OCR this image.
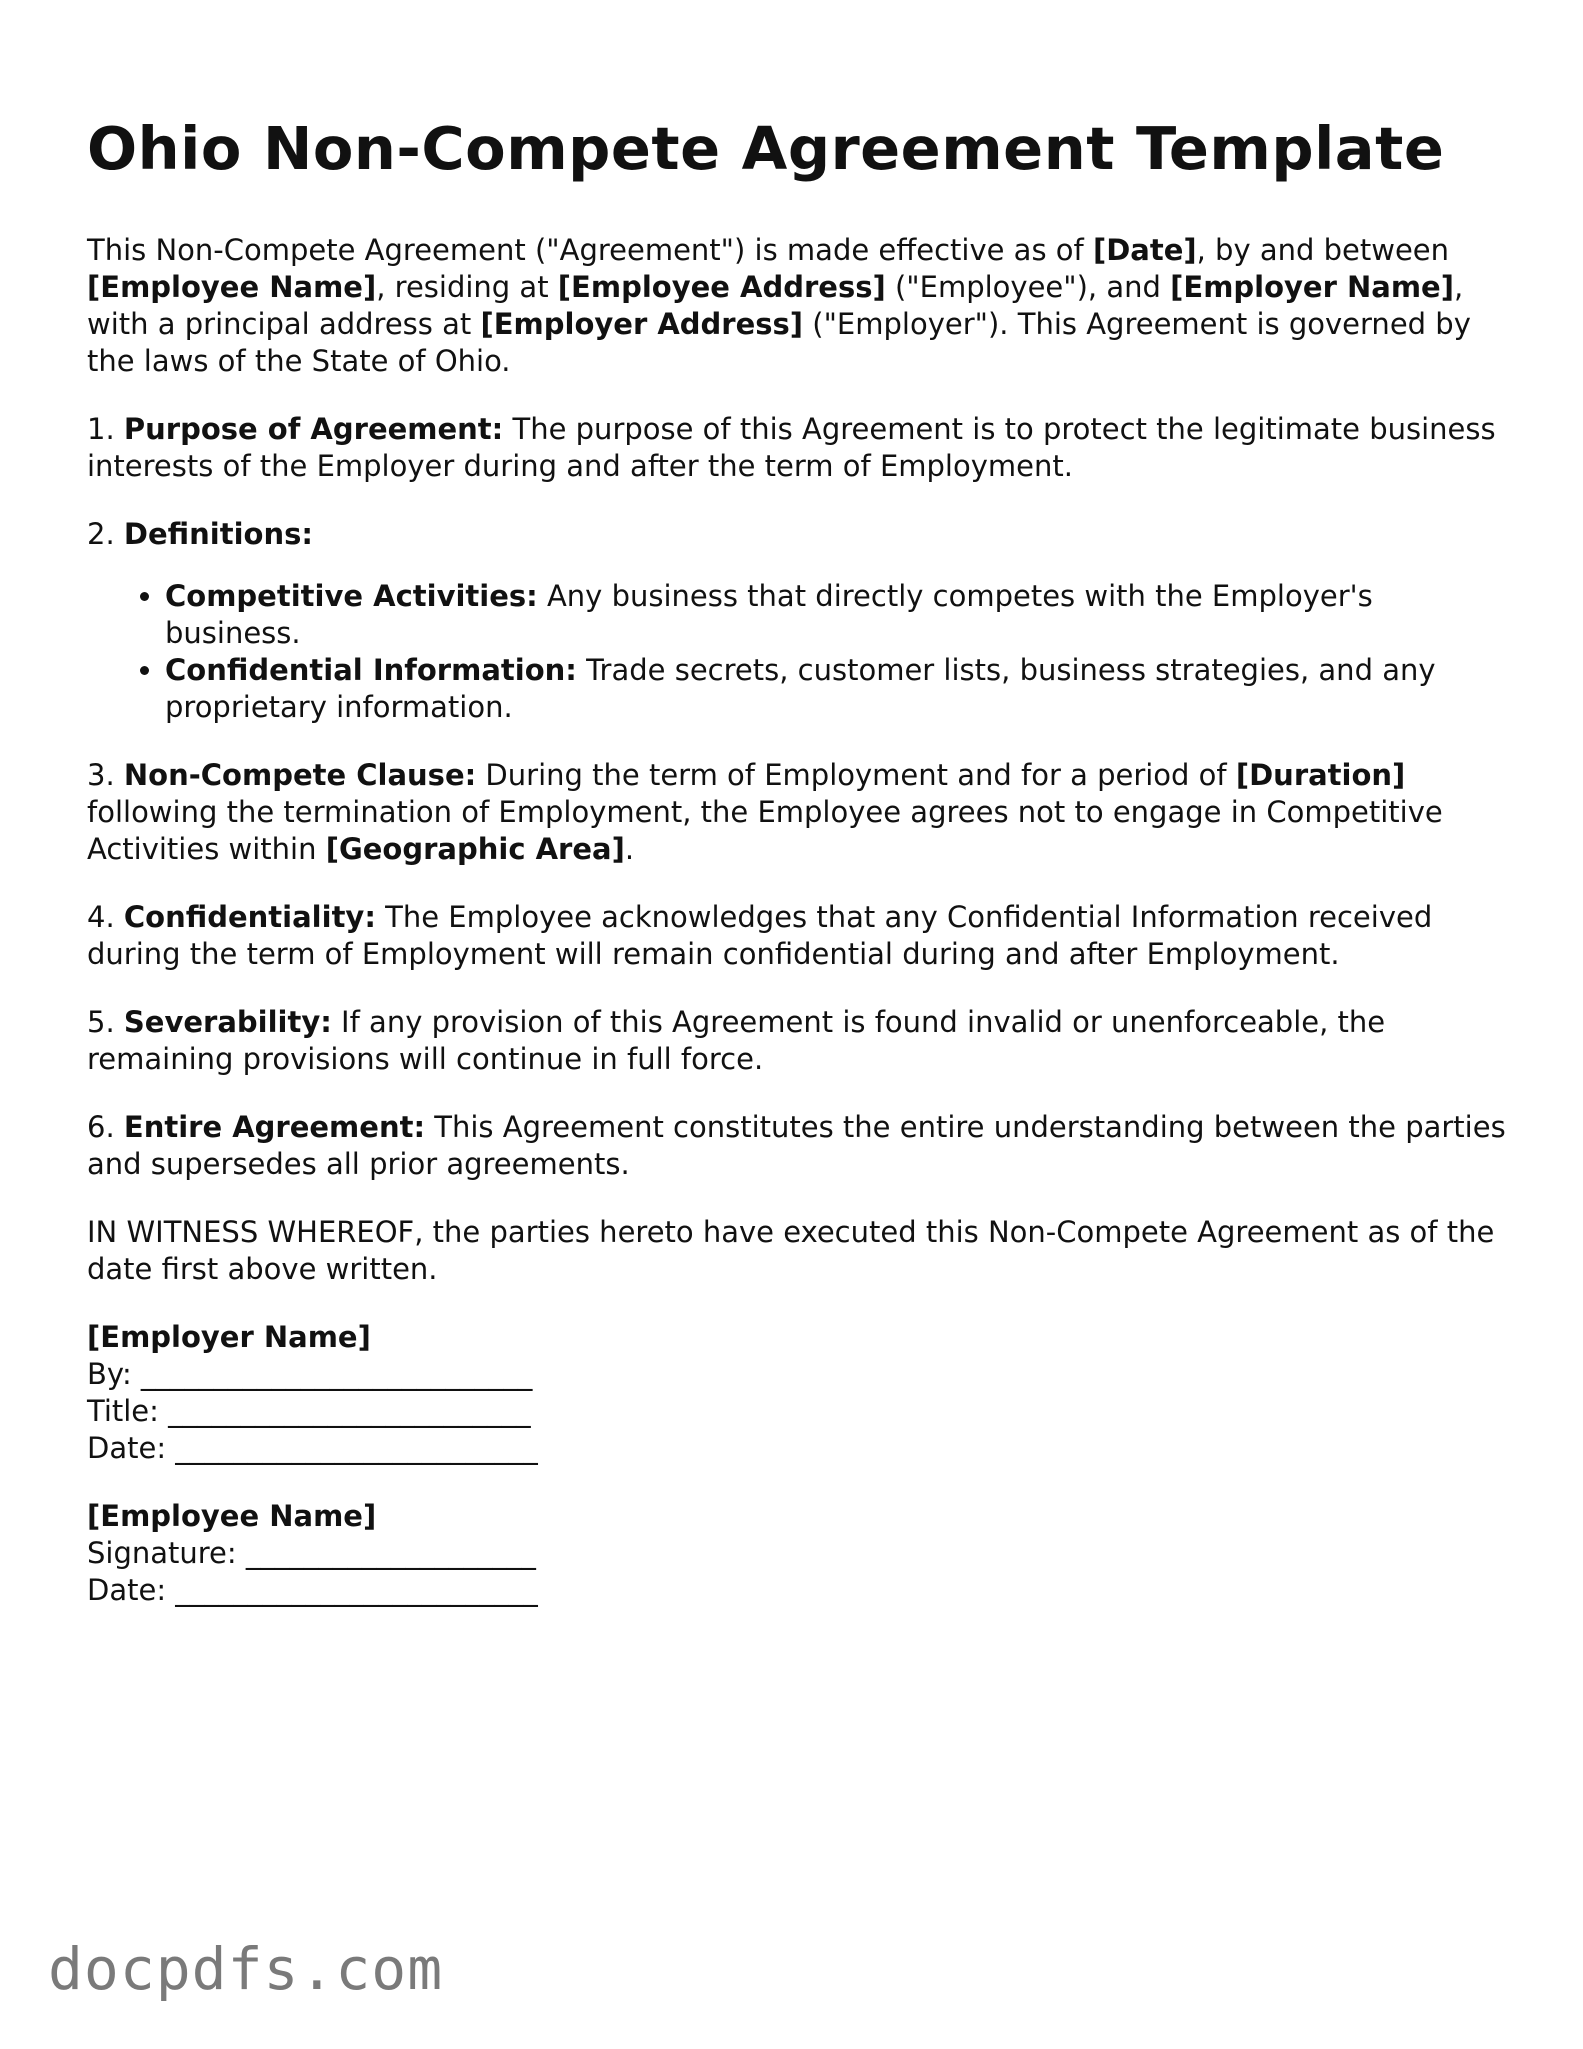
Ohio Non-Compete Agreement Template

This Non-Compete Agreement ("Agreement") is made effective as of [Date], by and between [Employee Name], residing at [Employee Address] ("Employee"), and [Employer Name], with a principal address at [Employer Address] ("Employer"). This Agreement is governed by the laws of the State of Ohio.

1. Purpose of Agreement: The purpose of this Agreement is to protect the legitimate business interests of the Employer during and after the term of Employment.

2. Definitions:

• Competitive Activities: Any business that directly competes with the Employer's business.
• Confidential Information: Trade secrets, customer lists, business strategies, and any proprietary information.

3. Non-Compete Clause: During the term of Employment and for a period of [Duration] following the termination of Employment, the Employee agrees not to engage in Competitive Activities within [Geographic Area].

4. Confidentiality: The Employee acknowledges that any Confidential Information received during the term of Employment will remain confidential during and after Employment.

5. Severability: If any provision of this Agreement is found invalid or unenforceable, the remaining provisions will continue in full force.

6. Entire Agreement: This Agreement constitutes the entire understanding between the parties and supersedes all prior agreements.

IN WITNESS WHEREOF, the parties hereto have executed this Non-Compete Agreement as of the date first above written.

[Employer Name]
By: ___________________________
Title: _________________________
Date: _________________________
[Employee Name]
Signature: ____________________
Date: _________________________
docpdfs.com
